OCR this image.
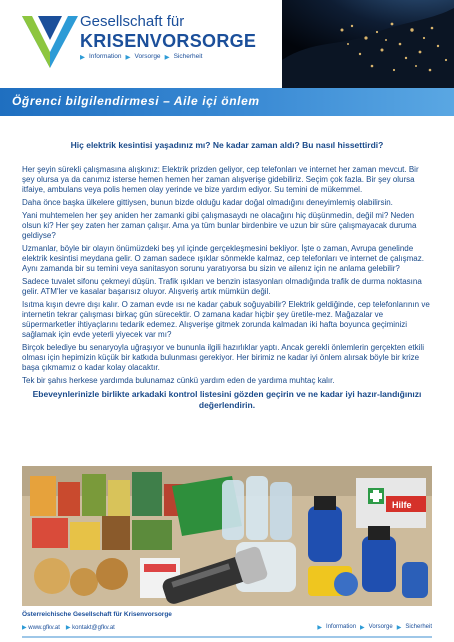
Gesellschaft für
KRISENVORSORGE
▶ Information ▶ Vorsorge ▶ Sicherheit
Öğrenci bilgilendirmesi – Aile içi önlem

Hiç elektrik kesintisi yaşadınız mı? Ne kadar zaman aldı? Bu nasıl hissettirdi?

Her şeyin sürekli çalışmasına alışkınız: Elektrik prizden geliyor, cep telefonları ve internet her zaman mevcut. Bir şey olursa ya da canımız isterse hemen hemen her zaman alışverişe gidebiliriz. Seçim çok fazla. Bir şey olursa itfaiye, ambulans veya polis hemen olay yerinde ve bize yardım ediyor. Su temini de mükemmel.

Daha önce başka ülkelere gittiysen, bunun bizde olduğu kadar doğal olmadığını deneyimlemiş olabilirsin.

Yani muhtemelen her şey aniden her zamanki gibi çalışmasaydı ne olacağını hiç düşünmedin, değil mi? Neden olsun ki? Her şey zaten her zaman çalışır. Ama ya tüm bunlar birdenbire ve uzun bir süre çalışmayacak duruma geldiyse?

Uzmanlar, böyle bir olayın önümüzdeki beş yıl içinde gerçekleşmesini bekliyor. İşte o zaman, Avrupa genelinde elektrik kesintisi meydana gelir. O zaman sadece ışıklar sönmekle kalmaz, cep telefonları ve internet de çalışmaz. Aynı zamanda bir su temini veya sanitasyon sorunu yaratıyorsa bu sizin ve ailenız için ne anlama gelebilir?

Sadece tuvalet sifonu çekmeyi düşün. Trafik ışıkları ve benzin istasyonları olmadığında trafik de durma noktasına gelir. ATM'ler ve kasalar başarısız oluyor. Alışveriş artık mümkün değil.

Isıtma kışın devre dışı kalır. O zaman evde ısı ne kadar çabuk soğuyabilir? Elektrik geldiğinde, cep telefonlarının ve internetin tekrar çalışması birkaç gün sürecektir. O zamana kadar hiçbir şey üretile-mez. Mağazalar ve süpermarketler ihtiyaçlarını tedarik edemez. Alışverişe gitmek zorunda kalmadan iki hafta boyunca geçiminizi sağlamak için evde yeterli yiyecek var mı?

Birçok belediye bu senaryoyla uğraşıyor ve bununla ilgili hazırlıklar yaptı. Ancak gerekli önlemlerin gerçekten etkili olması için hepimizin küçük bir katkıda bulunması gerekiyor. Her birimiz ne kadar iyi önlem alırsak böyle bir krize başa çıkmamız o kadar kolay olacaktır.

Tek bir şahıs herkese yardımda bulunamaz cünkü yardım eden de yardıma muhtaç kalır.

Ebeveynlerinizle birlikte arkadaki kontrol listesini gözden geçirin ve ne kadar iyi hazır-landığınızı değerlendirin.

Hilfe
Österreichische Gesellschaft für Krisenvorsorge
▶ www.gfkv.at ▶ kontakt@gfkv.at	▶ Information ▶ Vorsorge ▶ Sicherheit
